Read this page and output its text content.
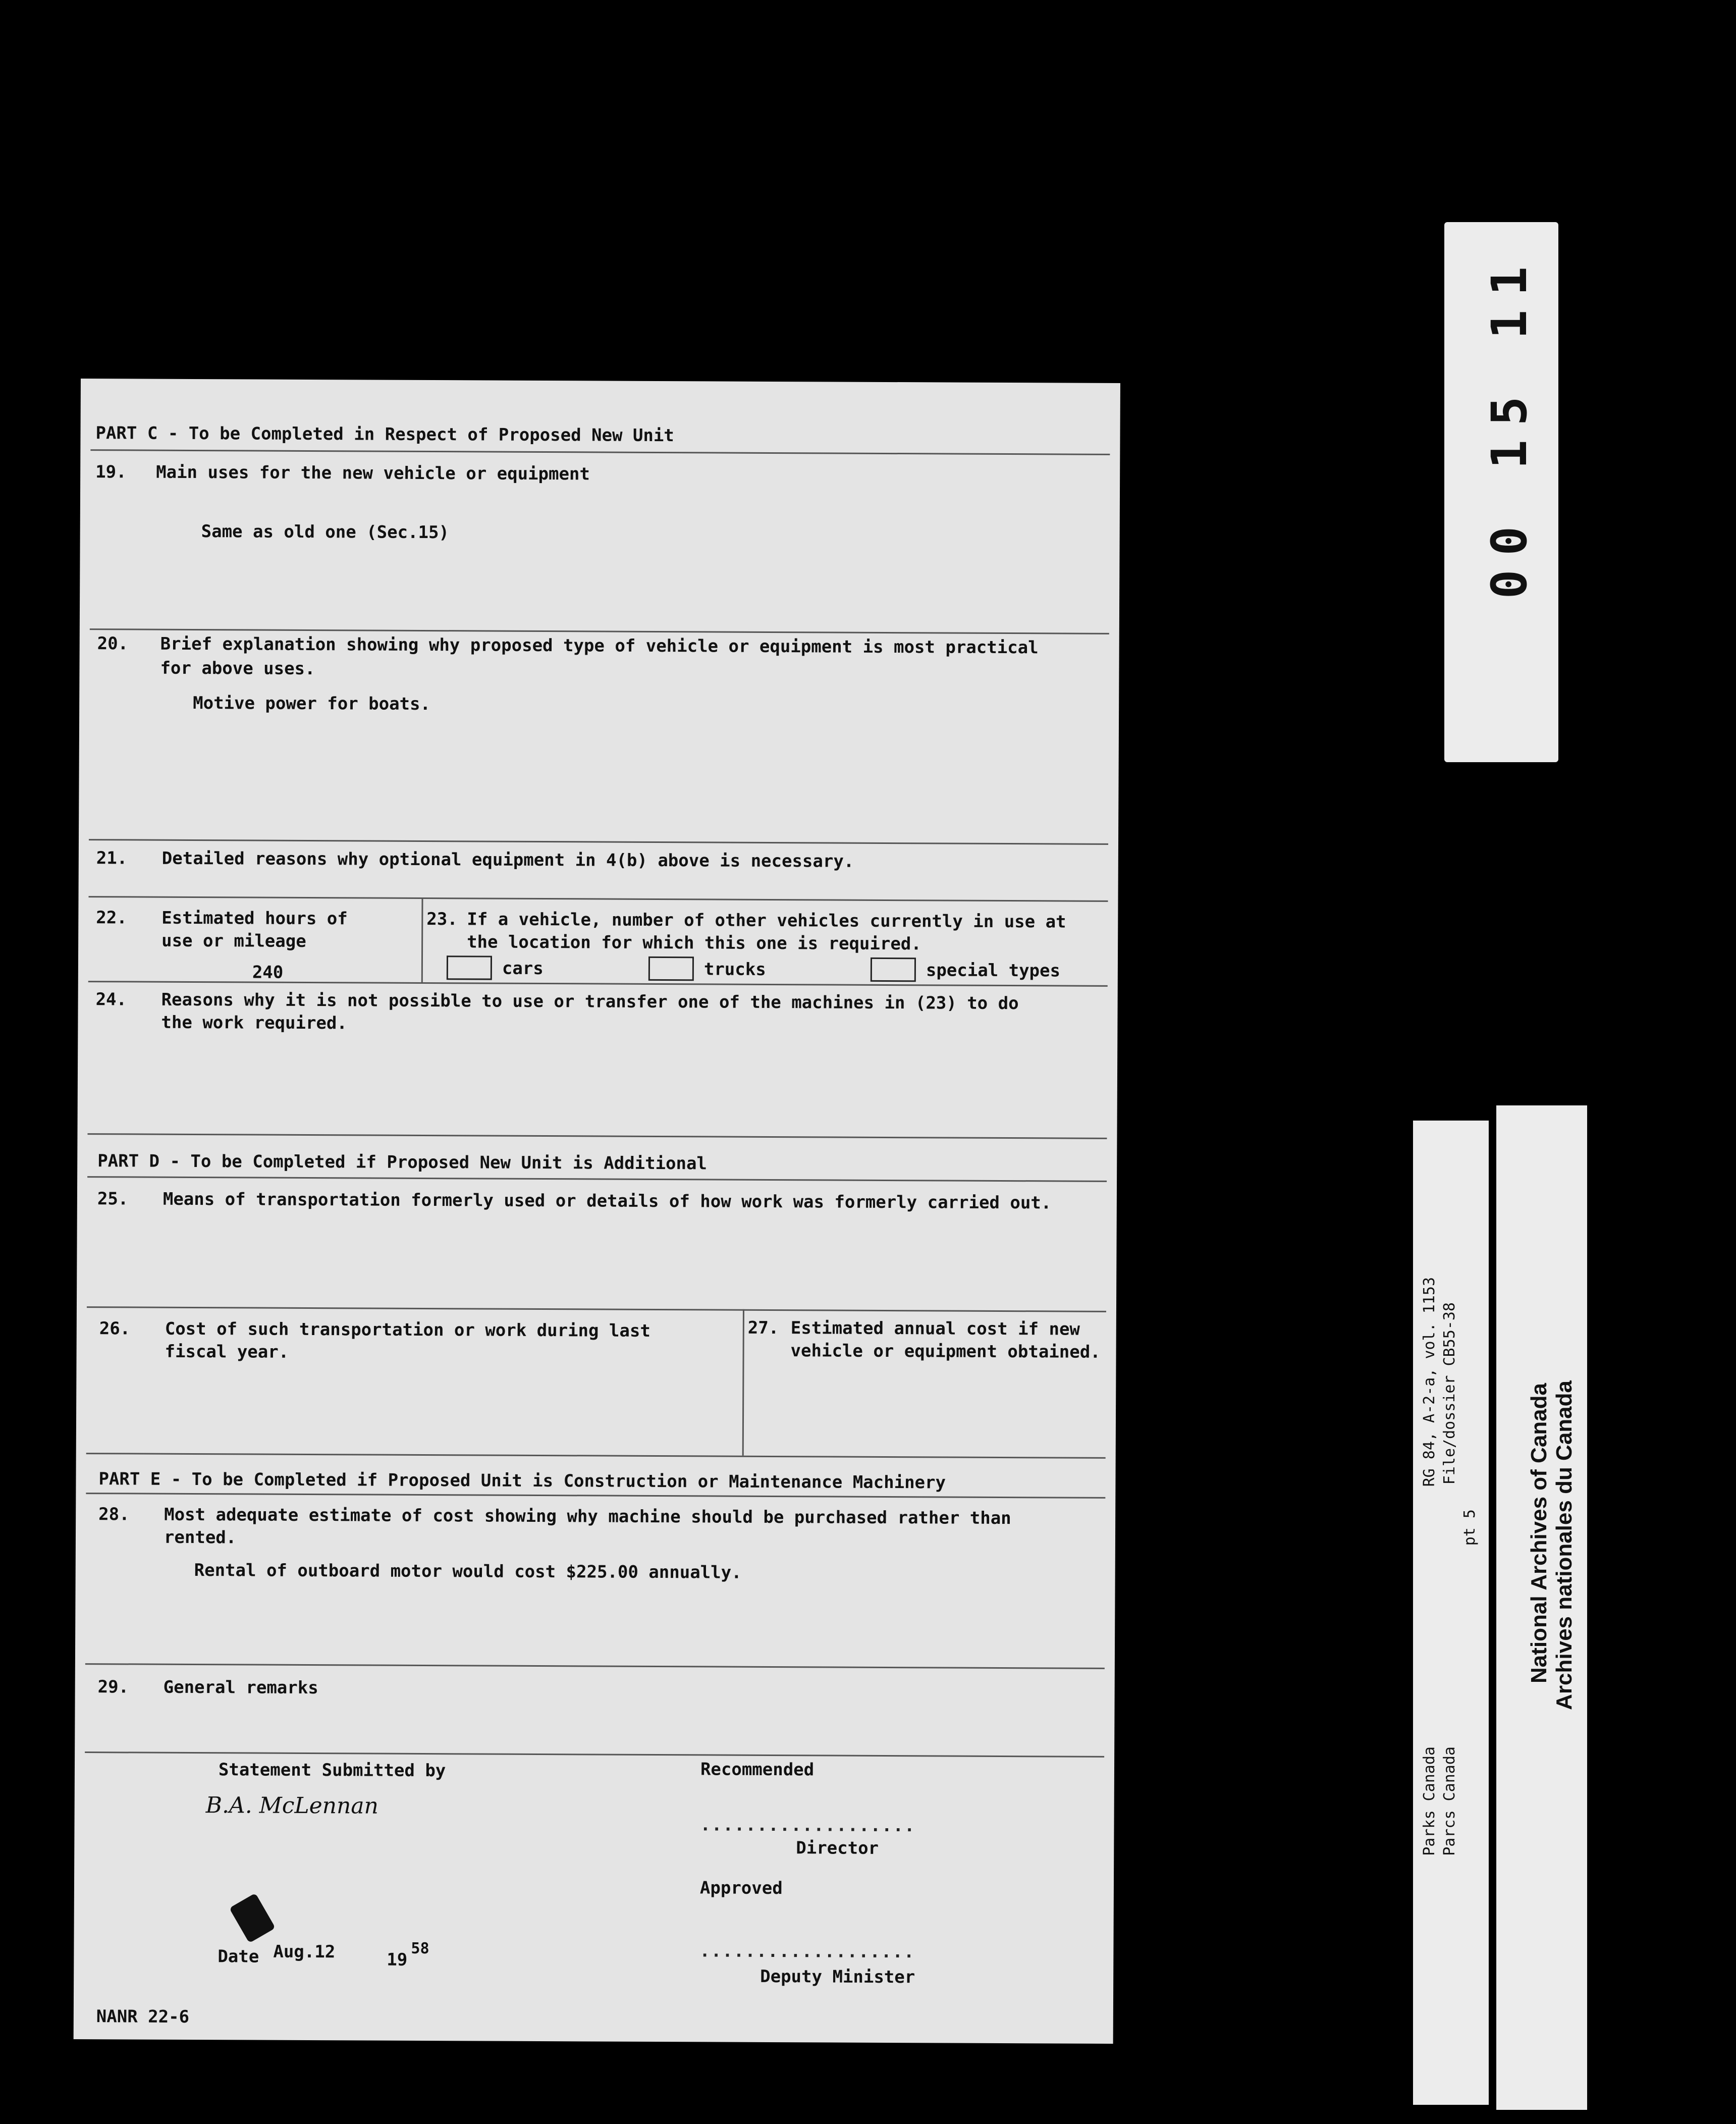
PART C - To be Completed in Respect of Proposed New Unit
19. Main uses for the new vehicle or equipment
Same as old one (Sec.15)
20. Brief explanation showing why proposed type of vehicle or equipment is most practical
for above uses.
Motive power for boats.
21. Detailed reasons why optional equipment in 4(b) above is necessary.
22. Estimated hours of
use or mileage
240
23. If a vehicle, number of other vehicles currently in use at
the location for which this one is required.
cars	trucks	special types
24. Reasons why it is not possible to use or transfer one of the machines in (23) to do
the work required.
PART D - To be Completed if Proposed New Unit is Additional
25. Means of transportation formerly used or details of how work was formerly carried out.
26. Cost of such transportation or work during last
fiscal year.
27. Estimated annual cost if new
vehicle or equipment obtained.
PART E - To be Completed if Proposed Unit is Construction or Maintenance Machinery
28. Most adequate estimate of cost showing why machine should be purchased rather than
rented.
Rental of outboard motor would cost $225.00 annually.
29. General remarks
Statement Submitted by
B.A. McLennan
Recommended
...................
Director
Approved
...................
Deputy Minister
Date Aug.12	19
58
NANR 22-6
00 15 11
Parks Canada Parcs Canada
RG 84, A-2-a, vol. 1153 File/dossier CB55-38
pt 5 National Archives of Canada Archives nationales du Canada
